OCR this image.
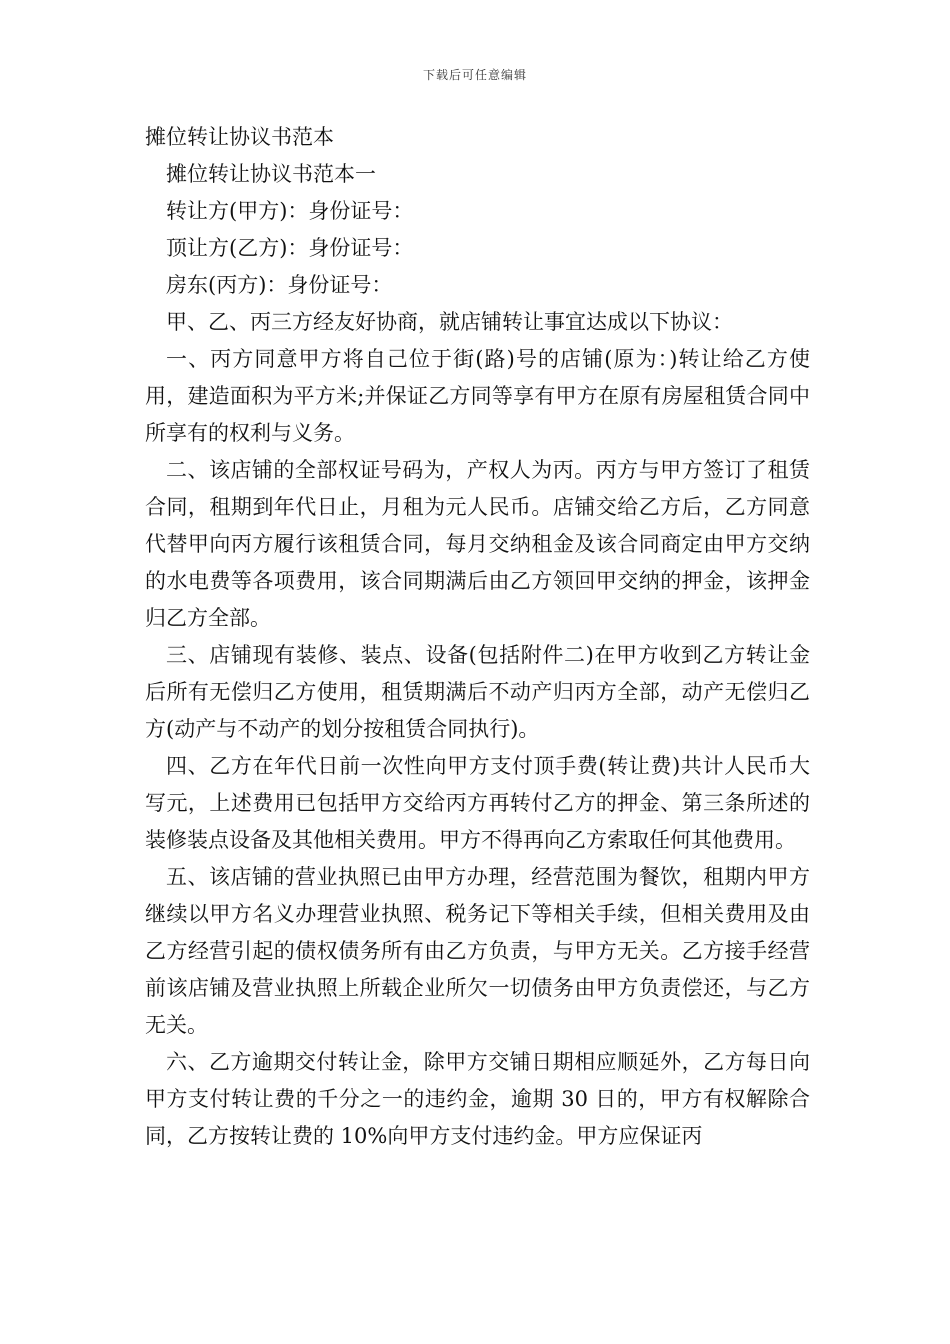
下载后可任意编辑
摊位转让协议书范本

摊位转让协议书范本一

转让方(甲方)：身份证号：

顶让方(乙方)：身份证号：

房东(丙方)：身份证号：

甲、乙、丙三方经友好协商，就店铺转让事宜达成以下协议：

一、丙方同意甲方将自己位于街(路)号的店铺(原为：)转让给乙方使用，建造面积为平方米;并保证乙方同等享有甲方在原有房屋租赁合同中所享有的权利与义务。

二、该店铺的全部权证号码为，产权人为丙。丙方与甲方签订了租赁合同，租期到年代日止，月租为元人民币。店铺交给乙方后，乙方同意代替甲向丙方履行该租赁合同，每月交纳租金及该合同商定由甲方交纳的水电费等各项费用，该合同期满后由乙方领回甲交纳的押金，该押金归乙方全部。

三、店铺现有装修、装点、设备(包括附件二)在甲方收到乙方转让金后所有无偿归乙方使用，租赁期满后不动产归丙方全部，动产无偿归乙方(动产与不动产的划分按租赁合同执行)。

四、乙方在年代日前一次性向甲方支付顶手费(转让费)共计人民币大写元，上述费用已包括甲方交给丙方再转付乙方的押金、第三条所述的装修装点设备及其他相关费用。甲方不得再向乙方索取任何其他费用。

五、该店铺的营业执照已由甲方办理，经营范围为餐饮，租期内甲方继续以甲方名义办理营业执照、税务记下等相关手续，但相关费用及由乙方经营引起的债权债务所有由乙方负责，与甲方无关。乙方接手经营前该店铺及营业执照上所载企业所欠一切债务由甲方负责偿还，与乙方无关。

六、乙方逾期交付转让金，除甲方交铺日期相应顺延外，乙方每日向甲方支付转让费的千分之一的违约金，逾期 30 日的，甲方有权解除合同，乙方按转让费的 10%向甲方支付违约金。甲方应保证丙
